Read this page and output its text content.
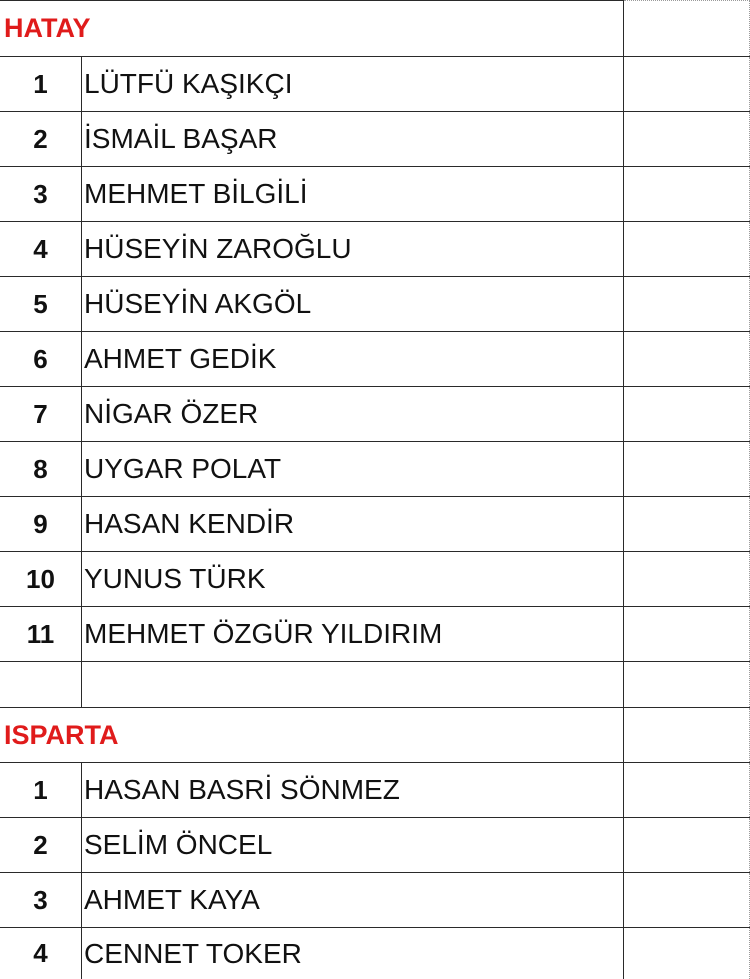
HATAY
1	LÜTFÜ KAŞIKÇI
2	İSMAİL BAŞAR
3	MEHMET BİLGİLİ
4	HÜSEYİN ZAROĞLU
5	HÜSEYİN AKGÖL
6	AHMET GEDİK
7	NİGAR ÖZER
8	UYGAR POLAT
9	HASAN KENDİR
10	YUNUS TÜRK
11	MEHMET ÖZGÜR YILDIRIM
ISPARTA
1	HASAN BASRİ SÖNMEZ
2	SELİM ÖNCEL
3	AHMET KAYA
4	CENNET TOKER
